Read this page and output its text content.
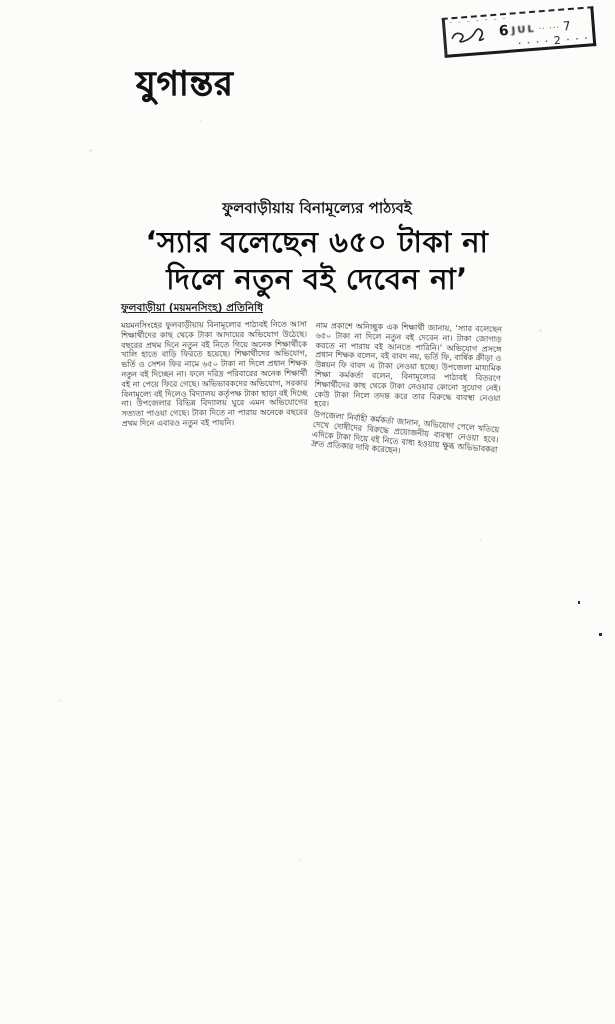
– – – – – – –
6 JUL ·· ··· 7
· · · · 2 · · ·
যুগান্তর
ফুলবাড়ীয়ায় বিনামূল্যের পাঠ্যবই
‘স্যার বলেছেন ৬৫০ টাকা না
দিলে নতুন বই দেবেন না’
ফুলবাড়ীয়া (ময়মনসিংহ) প্রতিনিধি
ময়মনসিংহের ফুলবাড়ীয়ায় বিনামূল্যের পাঠ্যবই নিতে আসা শিক্ষার্থীদের কাছ থেকে টাকা আদায়ের অভিযোগ উঠেছে। বছরের প্রথম দিনে নতুন বই নিতে গিয়ে অনেক শিক্ষার্থীকে খালি হাতে বাড়ি ফিরতে হয়েছে। শিক্ষার্থীদের অভিযোগ, ভর্তি ও সেশন ফির নামে ৬৫০ টাকা না দিলে প্রধান শিক্ষক নতুন বই দিচ্ছেন না। ফলে দরিদ্র পরিবারের অনেক শিক্ষার্থী বই না পেয়ে ফিরে গেছে। অভিভাবকদের অভিযোগ, সরকার বিনামূল্যে বই দিলেও বিদ্যালয় কর্তৃপক্ষ টাকা ছাড়া বই দিচ্ছে না। উপজেলার বিভিন্ন বিদ্যালয় ঘুরে এমন অভিযোগের সত্যতা পাওয়া গেছে। টাকা দিতে না পারায় অনেকে বছরের প্রথম দিনে এবারও নতুন বই পায়নি।
নাম প্রকাশে অনিচ্ছুক এক শিক্ষার্থী জানায়, ‘স্যার বলেছেন ৬৫০ টাকা না দিলে নতুন বই দেবেন না। টাকা জোগাড় করতে না পারায় বই আনতে পারিনি।’ অভিযোগ প্রসঙ্গে প্রধান শিক্ষক বলেন, বই বাবদ নয়, ভর্তি ফি, বার্ষিক ক্রীড়া ও উন্নয়ন ফি বাবদ এ টাকা নেওয়া হচ্ছে। উপজেলা মাধ্যমিক শিক্ষা কর্মকর্তা বলেন, বিনামূল্যের পাঠ্যবই বিতরণে শিক্ষার্থীদের কাছ থেকে টাকা নেওয়ার কোনো সুযোগ নেই। কেউ টাকা নিলে তদন্ত করে তার বিরুদ্ধে ব্যবস্থা নেওয়া হবে।
উপজেলা নির্বাহী কর্মকর্তা জানান, অভিযোগ পেলে খতিয়ে দেখে দোষীদের বিরুদ্ধে প্রয়োজনীয় ব্যবস্থা নেওয়া হবে। এদিকে টাকা দিয়ে বই নিতে বাধ্য হওয়ায় ক্ষুব্ধ অভিভাবকরা দ্রুত প্রতিকার দাবি করেছেন।
